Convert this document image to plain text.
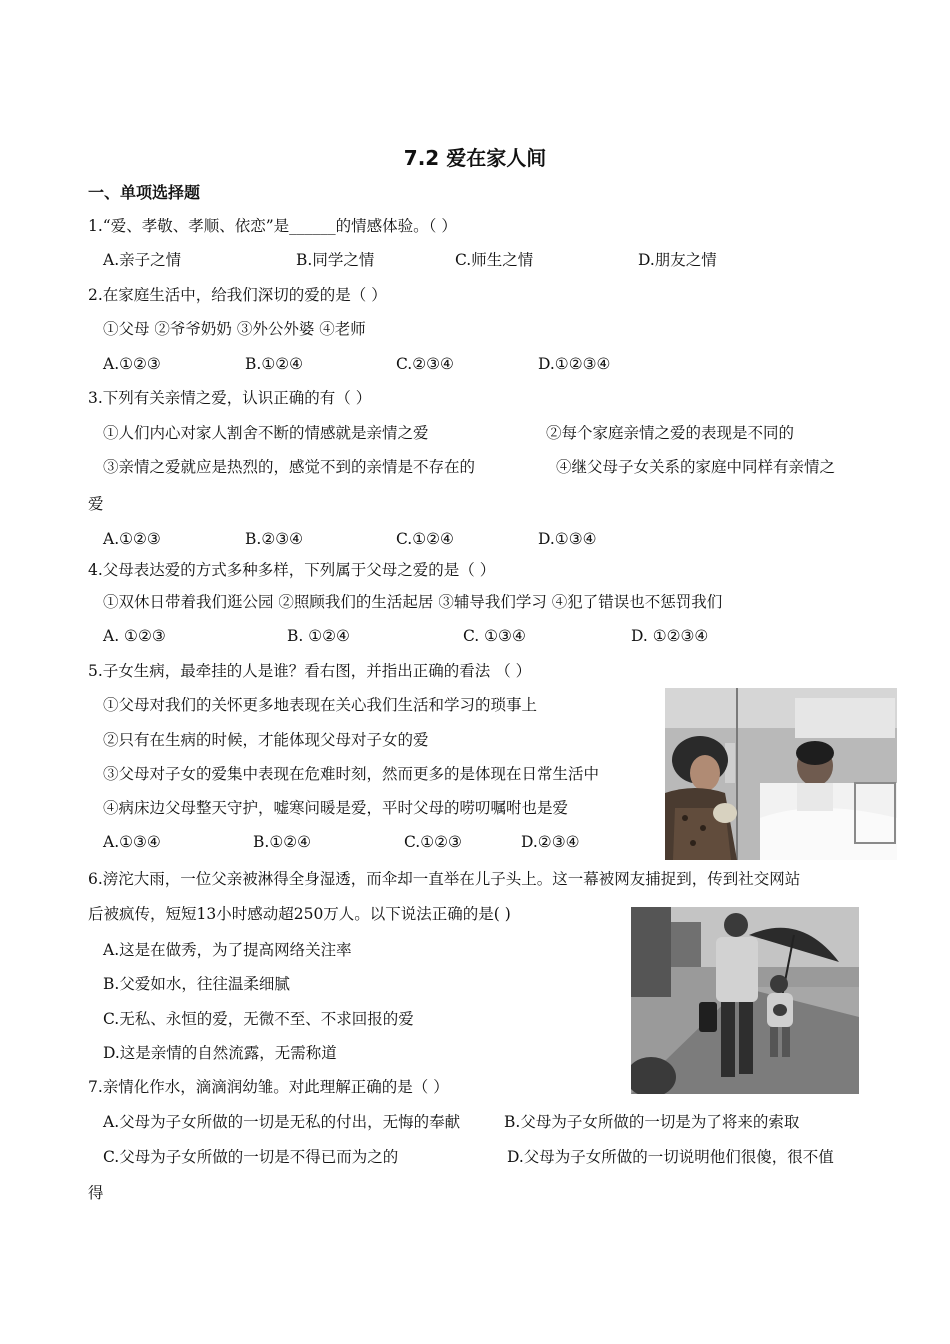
7.2 爱在家人间
一、单项选择题
1.“爱、孝敬、孝顺、依恋”是______的情感体验。（ ）
A.亲子之情	B.同学之情	C.师生之情	D.朋友之情
2.在家庭生活中，给我们深切的爱的是（ ）
①父母 ②爷爷奶奶 ③外公外婆 ④老师
A.①②③	B.①②④	C.②③④	D.①②③④
3.下列有关亲情之爱，认识正确的有（ ）
①人们内心对家人割舍不断的情感就是亲情之爱	②每个家庭亲情之爱的表现是不同的
③亲情之爱就应是热烈的，感觉不到的亲情是不存在的	④继父母子女关系的家庭中同样有亲情之
爱
A.①②③	B.②③④	C.①②④	D.①③④
4.父母表达爱的方式多种多样，下列属于父母之爱的是（ ）
①双休日带着我们逛公园 ②照顾我们的生活起居 ③辅导我们学习 ④犯了错误也不惩罚我们
A. ①②③	B. ①②④	C. ①③④	D. ①②③④
5.子女生病，最牵挂的人是谁？看右图，并指出正确的看法 （ ）
①父母对我们的关怀更多地表现在关心我们生活和学习的琐事上
②只有在生病的时候，才能体现父母对子女的爱
③父母对子女的爱集中表现在危难时刻，然而更多的是体现在日常生活中
④病床边父母整天守护，嘘寒问暖是爱，平时父母的唠叨嘱咐也是爱
A.①③④	B.①②④	C.①②③	D.②③④
6.滂沱大雨，一位父亲被淋得全身湿透，而伞却一直举在儿子头上。这一幕被网友捕捉到，传到社交网站
后被疯传，短短13小时感动超250万人。以下说法正确的是( )
A.这是在做秀，为了提高网络关注率
B.父爱如水，往往温柔细腻
C.无私、永恒的爱，无微不至、不求回报的爱
D.这是亲情的自然流露，无需称道
7.亲情化作水，滴滴润幼雏。对此理解正确的是（ ）
A.父母为子女所做的一切是无私的付出，无悔的奉献	B.父母为子女所做的一切是为了将来的索取
C.父母为子女所做的一切是不得已而为之的	D.父母为子女所做的一切说明他们很傻，很不值
得
